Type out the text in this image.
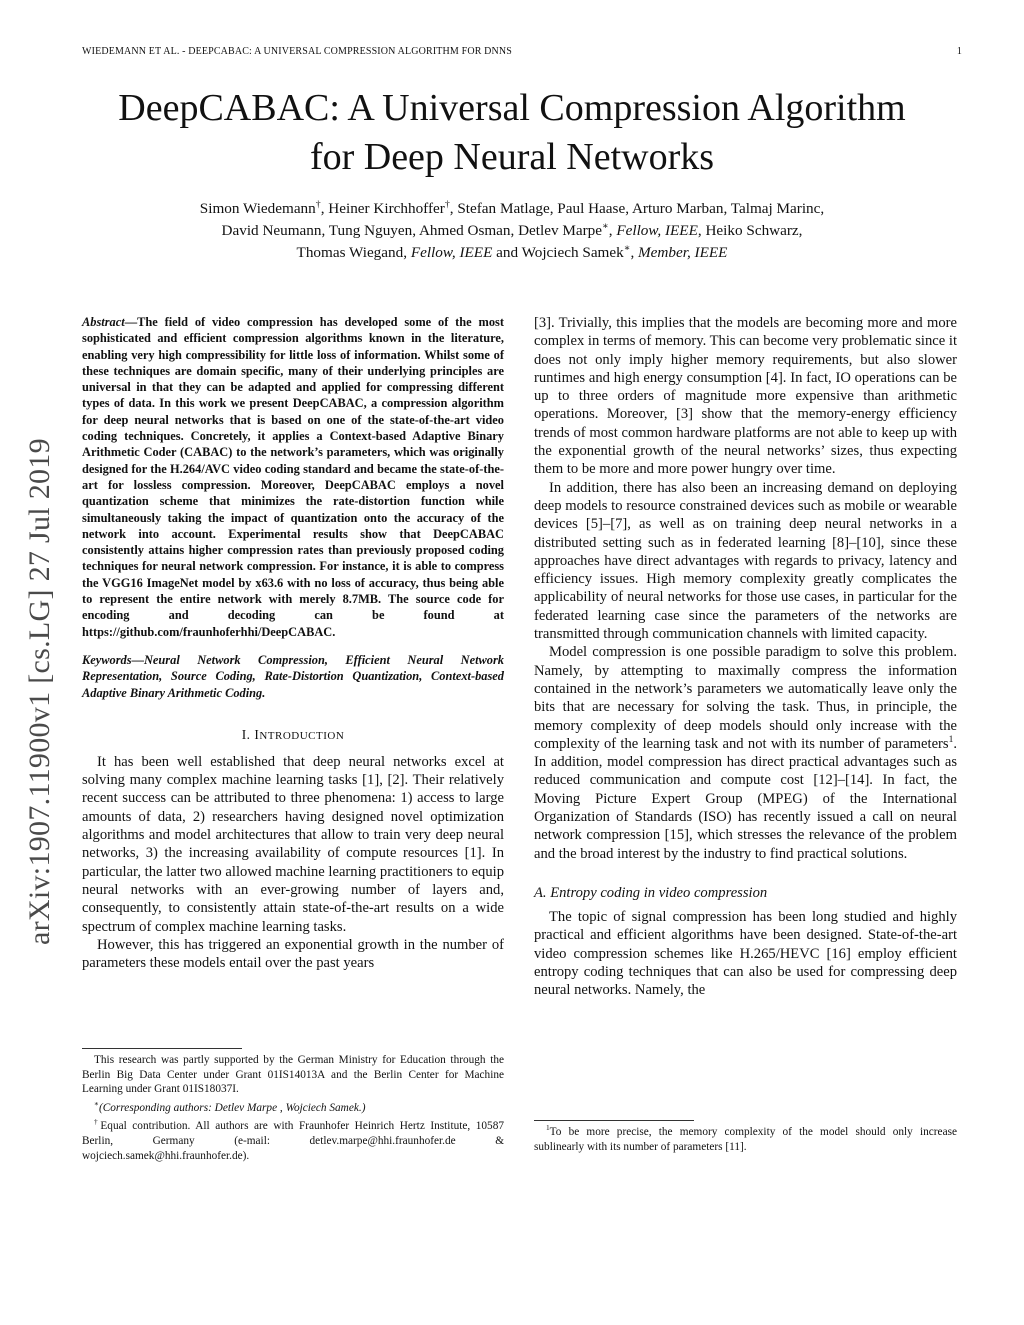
WIEDEMANN ET AL. - DEEPCABAC: A UNIVERSAL COMPRESSION ALGORITHM FOR DNNS	1
DeepCABAC: A Universal Compression Algorithm
for Deep Neural Networks
Simon Wiedemann†, Heiner Kirchhoffer†, Stefan Matlage, Paul Haase, Arturo Marban, Talmaj Marinc,
David Neumann, Tung Nguyen, Ahmed Osman, Detlev Marpe∗, Fellow, IEEE, Heiko Schwarz,
Thomas Wiegand, Fellow, IEEE and Wojciech Samek∗, Member, IEEE
arXiv:1907.11900v1 [cs.LG] 27 Jul 2019

Abstract—The field of video compression has developed some of the most sophisticated and efficient compression algorithms known in the literature, enabling very high compressibility for little loss of information. Whilst some of these techniques are domain specific, many of their underlying principles are universal in that they can be adapted and applied for compressing different types of data. In this work we present DeepCABAC, a compression algorithm for deep neural networks that is based on one of the state-of-the-art video coding techniques. Concretely, it applies a Context-based Adaptive Binary Arithmetic Coder (CABAC) to the network’s parameters, which was originally designed for the H.264/AVC video coding standard and became the state-of-the-art for lossless compression. Moreover, DeepCABAC employs a novel quantization scheme that minimizes the rate-distortion function while simultaneously taking the impact of quantization onto the accuracy of the network into account. Experimental results show that DeepCABAC consistently attains higher compression rates than previously proposed coding techniques for neural network compression. For instance, it is able to compress the VGG16 ImageNet model by x63.6 with no loss of accuracy, thus being able to represent the entire network with merely 8.7MB. The source code for encoding and decoding can be found at https://github.com/fraunhoferhhi/DeepCABAC.

Keywords—Neural Network Compression, Efficient Neural Network Representation, Source Coding, Rate-Distortion Quantization, Context-based Adaptive Binary Arithmetic Coding.

I. INTRODUCTION

It has been well established that deep neural networks excel at solving many complex machine learning tasks [1], [2]. Their relatively recent success can be attributed to three phenomena: 1) access to large amounts of data, 2) researchers having designed novel optimization algorithms and model architectures that allow to train very deep neural networks, 3) the increasing availability of compute resources [1]. In particular, the latter two allowed machine learning practitioners to equip neural networks with an ever-growing number of layers and, consequently, to consistently attain state-of-the-art results on a wide spectrum of complex machine learning tasks.

However, this has triggered an exponential growth in the number of parameters these models entail over the past years

[3]. Trivially, this implies that the models are becoming more and more complex in terms of memory. This can become very problematic since it does not only imply higher memory requirements, but also slower runtimes and high energy consumption [4]. In fact, IO operations can be up to three orders of magnitude more expensive than arithmetic operations. Moreover, [3] show that the memory-energy efficiency trends of most common hardware platforms are not able to keep up with the exponential growth of the neural networks’ sizes, thus expecting them to be more and more power hungry over time.

In addition, there has also been an increasing demand on deploying deep models to resource constrained devices such as mobile or wearable devices [5]–[7], as well as on training deep neural networks in a distributed setting such as in federated learning [8]–[10], since these approaches have direct advantages with regards to privacy, latency and efficiency issues. High memory complexity greatly complicates the applicability of neural networks for those use cases, in particular for the federated learning case since the parameters of the networks are transmitted through communication channels with limited capacity.

Model compression is one possible paradigm to solve this problem. Namely, by attempting to maximally compress the information contained in the network’s parameters we automatically leave only the bits that are necessary for solving the task. Thus, in principle, the memory complexity of deep models should only increase with the complexity of the learning task and not with its number of parameters$^1$. In addition, model compression has direct practical advantages such as reduced communication and compute cost [12]–[14]. In fact, the Moving Picture Expert Group (MPEG) of the International Organization of Standards (ISO) has recently issued a call on neural network compression [15], which stresses the relevance of the problem and the broad interest by the industry to find practical solutions.

A. Entropy coding in video compression

The topic of signal compression has been long studied and highly practical and efficient algorithms have been designed. State-of-the-art video compression schemes like H.265/HEVC [16] employ efficient entropy coding techniques that can also be used for compressing deep neural networks. Namely, the

This research was partly supported by the German Ministry for Education through the Berlin Big Data Center under Grant 01IS14013A and the Berlin Center for Machine Learning under Grant 01IS18037I.

∗(Corresponding authors: Detlev Marpe , Wojciech Samek.)

†Equal contribution. All authors are with Fraunhofer Heinrich Hertz Institute, 10587 Berlin, Germany (e-mail: detlev.marpe@hhi.fraunhofer.de & wojciech.samek@hhi.fraunhofer.de).

$^1$To be more precise, the memory complexity of the model should only increase sublinearly with its number of parameters [11].
